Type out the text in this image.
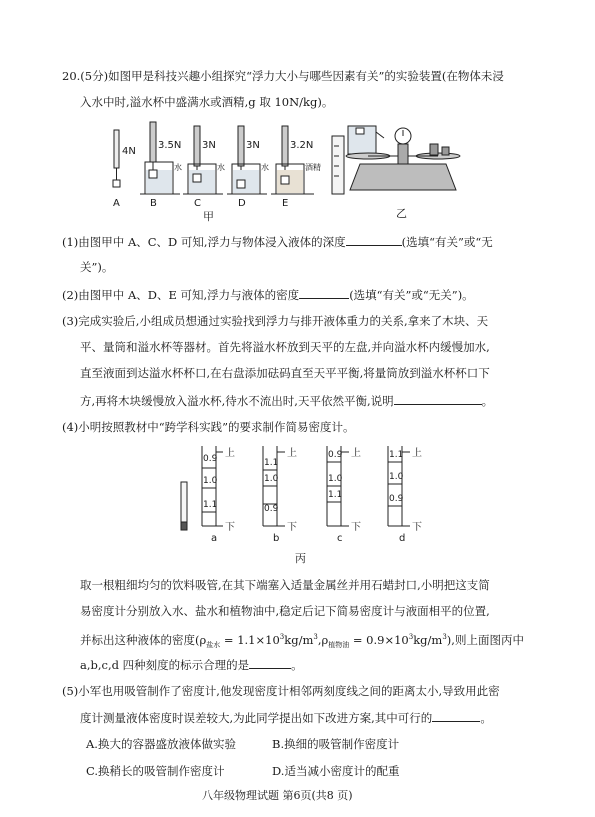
20.(5分)如图甲是科技兴趣小组探究“浮力大小与哪些因素有关”的实验装置(在物体未浸
入水中时,溢水杯中盛满水或酒精,g 取 10N/kg)。
4N
3.5N 3N	3N	3.2N
水	水	水	酒精
A	B	C	D	E
甲	乙
(1)由图甲中 A、C、D 可知,浮力与物体浸入液体的深度	(选填“有关”或“无
关”)。
(2)由图甲中 A、D、E 可知,浮力与液体的密度	(选填“有关”或“无关”)。
(3)完成实验后,小组成员想通过实验找到浮力与排开液体重力的关系,拿来了木块、天
平、量筒和溢水杯等器材。首先将溢水杯放到天平的左盘,并向溢水杯内缓慢加水,
直至液面到达溢水杯杯口,在右盘添加砝码直至天平平衡,将量筒放到溢水杯杯口下
方,再将木块缓慢放入溢水杯,待水不流出时,天平依然平衡,说明	。
(4)小明按照教材中“跨学科实践”的要求制作简易密度计。
0.9
1.0
1.1
1.1
1.0
0.9
0.9
1.0
1.1
1.1
1.0
0.9
上
下
上
下
上
下
上
下
a	b	c	d
丙
取一根粗细均匀的饮料吸管,在其下端塞入适量金属丝并用石蜡封口,小明把这支简
易密度计分别放入水、盐水和植物油中,稳定后记下简易密度计与液面相平的位置,
并标出这种液体的密度$(\rho_{盐水} = 1.1\times 10^3kg/m^3,\rho_{植物油} = 0.9\times 10^3kg/m^3)$,则上面图丙中
a,b,c,d 四种刻度的标示合理的是	。
(5)小军也用吸管制作了密度计,他发现密度计相邻两刻度线之间的距离太小,导致用此密
度计测量液体密度时误差较大,为此同学提出如下改进方案,其中可行的	。
A.换大的容器盛放液体做实验	B.换细的吸管制作密度计
C.换稍长的吸管制作密度计	D.适当减小密度计的配重
八年级物理试题 第6页(共8 页)
